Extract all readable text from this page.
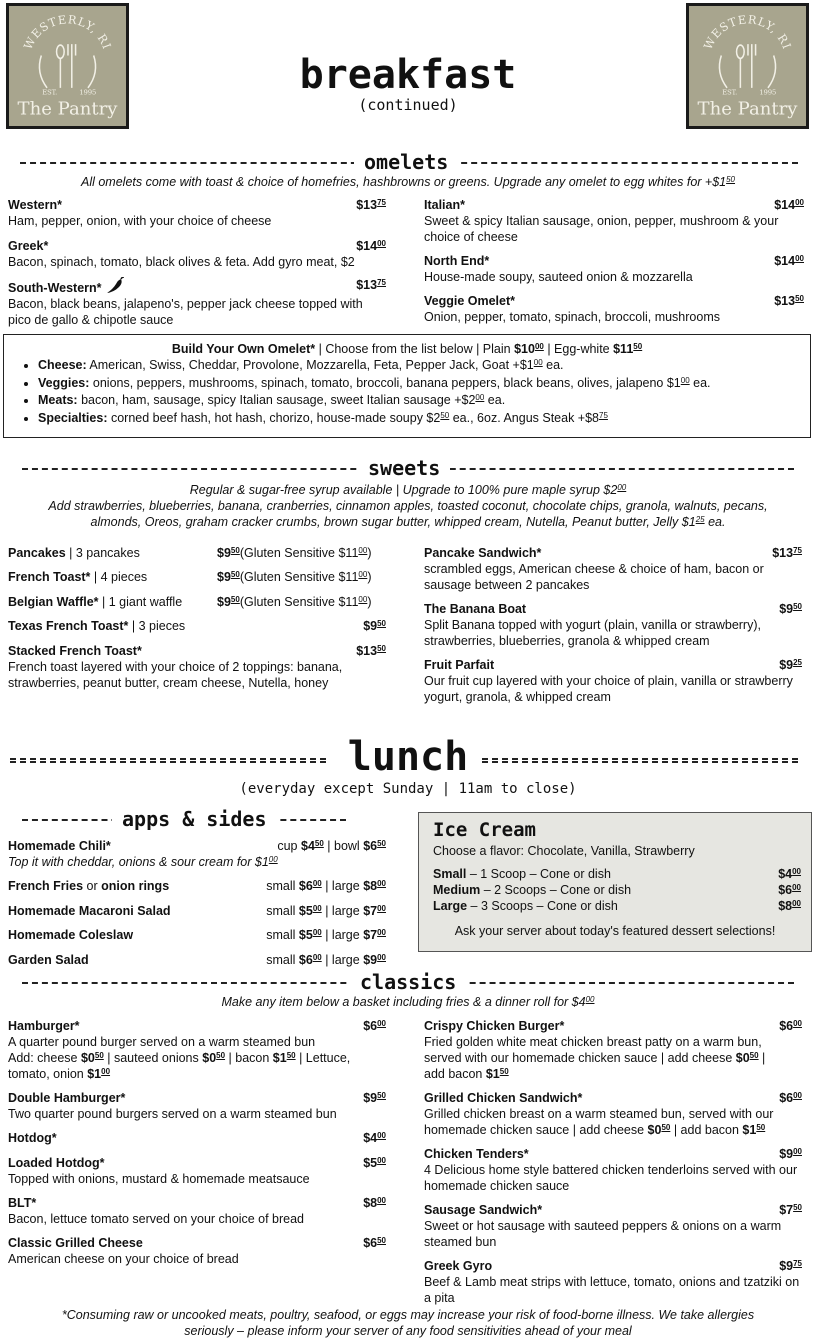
WESTERLY, RI
EST.	1995
The Pantry
WESTERLY, RI
EST.	1995
The Pantry
breakfast
(continued)
omelets
All omelets come with toast & choice of homefries, hashbrowns or greens. Upgrade any omelet to egg whites for $+\$1^{50}$
Western*	$\$13^{75}$
Ham, pepper, onion, with your choice of cheese
Greek*	$\$14^{00}$
Bacon, spinach, tomato, black olives & feta. Add gyro meat, $2
South-Western*	$\$13^{75}$
Bacon, black beans, jalapeno's, pepper jack cheese topped with pico de gallo & chipotle sauce
Italian*	$\$14^{00}$
Sweet & spicy Italian sausage, onion, pepper, mushroom & your choice of cheese
North End*	$\$14^{00}$
House-made soupy, sauteed onion & mozzarella
Veggie Omelet*	$\$13^{50}$
Onion, pepper, tomato, spinach, broccoli, mushrooms
Build Your Own Omelet* | Choose from the list below | Plain $\$10^{00}$ | Egg-white $\$11^{50}$
• Cheese: American, Swiss, Cheddar, Provolone, Mozzarella, Feta, Pepper Jack, Goat $+\$1^{00}$ ea.
• Veggies: onions, peppers, mushrooms, spinach, tomato, broccoli, banana peppers, black beans, olives, jalapeno $\$1^{00}$ ea.
• Meats: bacon, ham, sausage, spicy Italian sausage, sweet Italian sausage $+\$2^{00}$ ea.
• Specialties: corned beef hash, hot hash, chorizo, house-made soupy $\$2^{50}$ ea., 6oz. Angus Steak $+\$8^{75}$
sweets
Regular & sugar-free syrup available | Upgrade to 100% pure maple syrup $\$2^{00}$
Add strawberries, blueberries, banana, cranberries, cinnamon apples, toasted coconut, chocolate chips, granola, walnuts, pecans,
almonds, Oreos, graham cracker crumbs, brown sugar butter, whipped cream, Nutella, Peanut butter, Jelly $\$1^{25}$ ea.
Pancakes | 3 pancakes	$\$9^{50}(Gluten$ Sensitive $\$11^{00}$)
French Toast* | 4 pieces	$\$9^{50}(Gluten$ Sensitive $\$11^{00}$)
Belgian Waffle* | 1 giant waffle	$\$9^{50}(Gluten$ Sensitive $\$11^{00}$)
Texas French Toast* | 3 pieces	$\$9^{50}$
Stacked French Toast*	$\$13^{50}$
French toast layered with your choice of 2 toppings: banana, strawberries, peanut butter, cream cheese, Nutella, honey
Pancake Sandwich*	$\$13^{75}$
scrambled eggs, American cheese & choice of ham, bacon or sausage between 2 pancakes
The Banana Boat	$\$9^{50}$
Split Banana topped with yogurt (plain, vanilla or strawberry), strawberries, blueberries, granola & whipped cream
Fruit Parfait	$\$9^{25}$
Our fruit cup layered with your choice of plain, vanilla or strawberry yogurt, granola, & whipped cream
lunch
(everyday except Sunday | 11am to close)
apps & sides
Homemade Chili*	cup $\$4^{50}$ | bowl $\$6^{50}$
Top it with cheddar, onions & sour cream for $\$1^{00}$
French Fries or onion rings	small $\$6^{00}$ | large $\$8^{00}$
Homemade Macaroni Salad	small $\$5^{00}$ | large $\$7^{00}$
Homemade Coleslaw	small $\$5^{00}$ | large $\$7^{00}$
Garden Salad	small $\$6^{00}$ | large $\$9^{00}$
Ice Cream
Choose a flavor: Chocolate, Vanilla, Strawberry
Small – 1 Scoop – Cone or dish	$\$4^{00}$
Medium – 2 Scoops – Cone or dish	$\$6^{00}$
Large – 3 Scoops – Cone or dish	$\$8^{00}$
Ask your server about today's featured dessert selections!
classics
Make any item below a basket including fries & a dinner roll for $\$4^{00}$
Hamburger*	$\$6^{00}$
A quarter pound burger served on a warm steamed bun
Add: cheese $\$0^{50}$ | sauteed onions $\$0^{50}$ | bacon $\$1^{50}$ | Lettuce,
tomato, onion $\$1^{00}$
Double Hamburger*	$\$9^{50}$
Two quarter pound burgers served on a warm steamed bun
Hotdog*	$\$4^{00}$
Loaded Hotdog*	$\$5^{00}$
Topped with onions, mustard & homemade meatsauce
BLT*	$\$8^{00}$
Bacon, lettuce tomato served on your choice of bread
Classic Grilled Cheese	$\$6^{50}$
American cheese on your choice of bread
Crispy Chicken Burger*	$\$6^{00}$
Fried golden white meat chicken breast patty on a warm bun, served with our homemade chicken sauce | add cheese $\$0^{50}$ |
add bacon $\$1^{50}$
Grilled Chicken Sandwich*	$\$6^{00}$
Grilled chicken breast on a warm steamed bun, served with our
homemade chicken sauce | add cheese $\$0^{50}$ | add bacon $\$1^{50}$
Chicken Tenders*	$\$9^{00}$
4 Delicious home style battered chicken tenderloins served with our homemade chicken sauce
Sausage Sandwich*	$\$7^{50}$
Sweet or hot sausage with sauteed peppers & onions on a warm steamed bun
Greek Gyro	$\$9^{75}$
Beef & Lamb meat strips with lettuce, tomato, onions and tzatziki on a pita
*Consuming raw or uncooked meats, poultry, seafood, or eggs may increase your risk of food-borne illness. We take allergies
seriously – please inform your server of any food sensitivities ahead of your meal
